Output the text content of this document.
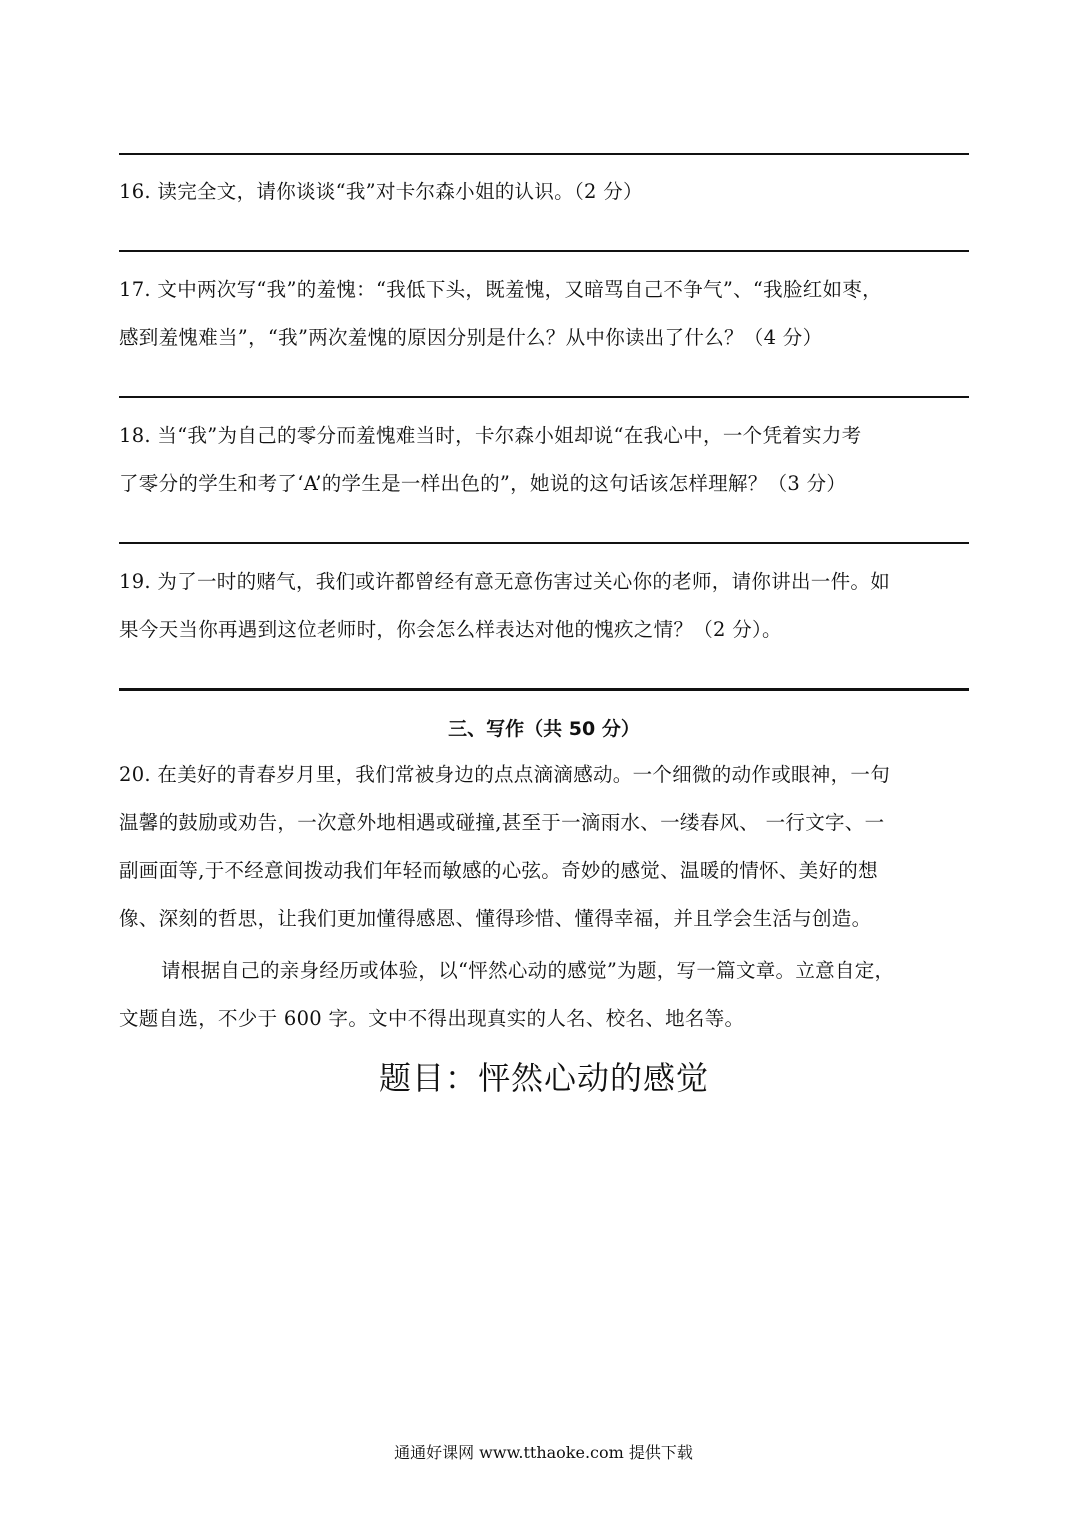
16. 读完全文，请你谈谈“我”对卡尔森小姐的认识。（2 分）
17. 文中两次写“我”的羞愧：“我低下头，既羞愧，又暗骂自己不争气”、“我脸红如枣，
感到羞愧难当”，“我”两次羞愧的原因分别是什么？从中你读出了什么？（4 分）
18. 当“我”为自己的零分而羞愧难当时，卡尔森小姐却说“在我心中，一个凭着实力考
了零分的学生和考了‘A’的学生是一样出色的”，她说的这句话该怎样理解？（3 分）
19. 为了一时的赌气，我们或许都曾经有意无意伤害过关心你的老师，请你讲出一件。如
果今天当你再遇到这位老师时，你会怎么样表达对他的愧疚之情？（2 分）。
三、写作（共 50 分）
20. 在美好的青春岁月里，我们常被身边的点点滴滴感动。一个细微的动作或眼神，一句
温馨的鼓励或劝告，一次意外地相遇或碰撞,甚至于一滴雨水、一缕春风、 一行文字、一
副画面等,于不经意间拨动我们年轻而敏感的心弦。奇妙的感觉、温暖的情怀、美好的想
像、深刻的哲思，让我们更加懂得感恩、懂得珍惜、懂得幸福，并且学会生活与创造。
请根据自己的亲身经历或体验，以“怦然心动的感觉”为题，写一篇文章。立意自定，
文题自选，不少于 600 字。文中不得出现真实的人名、校名、地名等。
题目：怦然心动的感觉
通通好课网 www.tthaoke.com 提供下载
